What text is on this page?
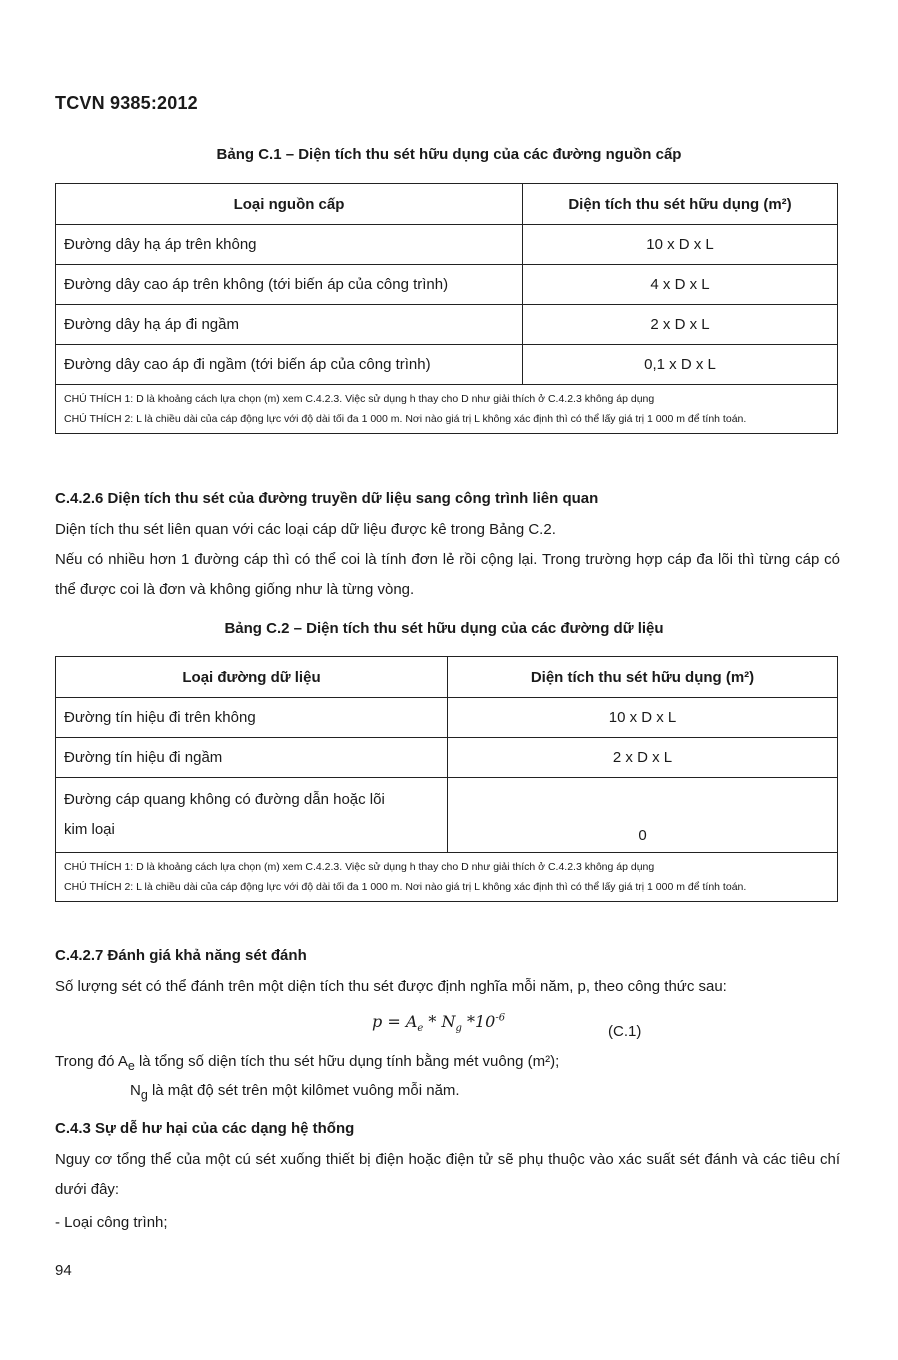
TCVN 9385:2012
Bảng C.1 – Diện tích thu sét hữu dụng của các đường nguồn cấp
Loại nguồn cấp	Diện tích thu sét hữu dụng (m²)
Đường dây hạ áp trên không	10 x D x L
Đường dây cao áp trên không (tới biến áp của công trình)	4 x D x L
Đường dây hạ áp đi ngầm	2 x D x L
Đường dây cao áp đi ngầm (tới biến áp của công trình)	0,1 x D x L

CHÚ THÍCH 1: D là khoảng cách lựa chọn (m) xem C.4.2.3. Việc sử dụng h thay cho D như giải thích ở C.4.2.3 không áp dụng
CHÚ THÍCH 2: L là chiều dài của cáp động lực với độ dài tối đa 1 000 m. Nơi nào giá trị L không xác định thì có thể lấy giá trị 1 000 m để tính toán.	
C.4.2.6 Diện tích thu sét của đường truyền dữ liệu sang công trình liên quan
Diện tích thu sét liên quan với các loại cáp dữ liệu được kê trong Bảng C.2.
Nếu có nhiều hơn 1 đường cáp thì có thể coi là tính đơn lẻ rồi cộng lại. Trong trường hợp cáp đa lõi thì từng cáp có thể được coi là đơn và không giống như là từng vòng.
Bảng C.2 – Diện tích thu sét hữu dụng của các đường dữ liệu
Loại đường dữ liệu	Diện tích thu sét hữu dụng (m²)
Đường tín hiệu đi trên không	10 x D x L
Đường tín hiệu đi ngầm	2 x D x L

Đường cáp quang không có đường dẫn hoặc lõi
kim loại	0

CHÚ THÍCH 1: D là khoảng cách lựa chọn (m) xem C.4.2.3. Việc sử dụng h thay cho D như giải thích ở C.4.2.3 không áp dụng
CHÚ THÍCH 2: L là chiều dài của cáp động lực với độ dài tối đa 1 000 m. Nơi nào giá trị L không xác định thì có thể lấy giá trị 1 000 m để tính toán.	
C.4.2.7 Đánh giá khả năng sét đánh
Số lượng sét có thể đánh trên một diện tích thu sét được định nghĩa mỗi năm, p, theo công thức sau:
$p = A_e * N_g$ $*10^{-6}$
(C.1)
Trong đó $A_e$ là tổng số diện tích thu sét hữu dụng tính bằng mét vuông (m²);
$N_g$ là mật độ sét trên một kilômet vuông mỗi năm.
C.4.3 Sự dễ hư hại của các dạng hệ thống
Nguy cơ tổng thể của một cú sét xuống thiết bị điện hoặc điện tử sẽ phụ thuộc vào xác suất sét đánh và các tiêu chí dưới đây:
- Loại công trình;
94
